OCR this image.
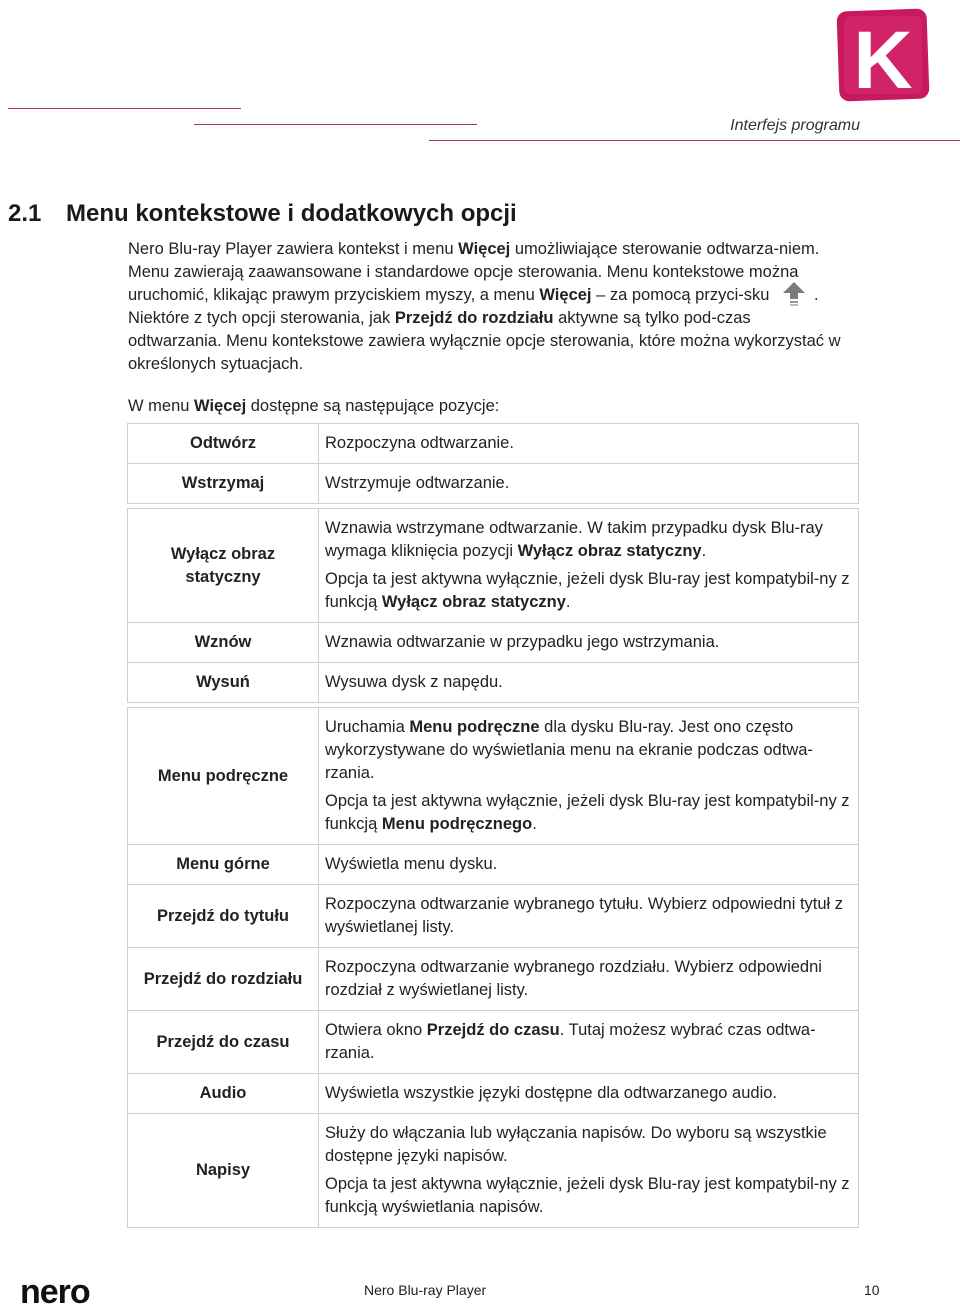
K
Interfejs programu
2.1 Menu kontekstowe i dodatkowych opcji

Nero Blu-ray Player zawiera kontekst i menu Więcej umożliwiające sterowanie odtwarza-niem. Menu zawierają zaawansowane i standardowe opcje sterowania. Menu kontekstowe można uruchomić, klikając prawym przyciskiem myszy, a menu Więcej – za pomocą przyci-sku . Niektóre z tych opcji sterowania, jak Przejdź do rozdziału aktywne są tylko pod-czas odtwarzania. Menu kontekstowe zawiera wyłącznie opcje sterowania, które można wykorzystać w określonych sytuacjach.

W menu Więcej dostępne są następujące pozycje:
Odtwórz	Rozpoczyna odtwarzanie.
Wstrzymaj	Wstrzymuje odtwarzanie.

Wyłącz obraz statyczny	Wznawia wstrzymane odtwarzanie. W takim przypadku dysk Blu-ray wymaga kliknięcia pozycji Wyłącz obraz statyczny.

Opcja ta jest aktywna wyłącznie, jeżeli dysk Blu-ray jest kompatybil-ny z funkcją Wyłącz obraz statyczny.

Wznów	Wznawia odtwarzanie w przypadku jego wstrzymania.
Wysuń	Wysuwa dysk z napędu.

Menu podręczne	Uruchamia Menu podręczne dla dysku Blu-ray. Jest ono często wykorzystywane do wyświetlania menu na ekranie podczas odtwa-rzania.

Opcja ta jest aktywna wyłącznie, jeżeli dysk Blu-ray jest kompatybil-ny z funkcją Menu podręcznego.

Menu górne	Wyświetla menu dysku.
Przejdź do tytułu	Rozpoczyna odtwarzanie wybranego tytułu. Wybierz odpowiedni tytuł z wyświetlanej listy.
Przejdź do rozdziału	Rozpoczyna odtwarzanie wybranego rozdziału. Wybierz odpowiedni rozdział z wyświetlanej listy.
Przejdź do czasu	Otwiera okno Przejdź do czasu. Tutaj możesz wybrać czas odtwa-rzania.
Audio	Wyświetla wszystkie języki dostępne dla odtwarzanego audio.
Napisy	Służy do włączania lub wyłączania napisów. Do wyboru są wszystkie dostępne języki napisów.

Opcja ta jest aktywna wyłącznie, jeżeli dysk Blu-ray jest kompatybil-ny z funkcją wyświetlania napisów.

nero	Nero Blu-ray Player	10
